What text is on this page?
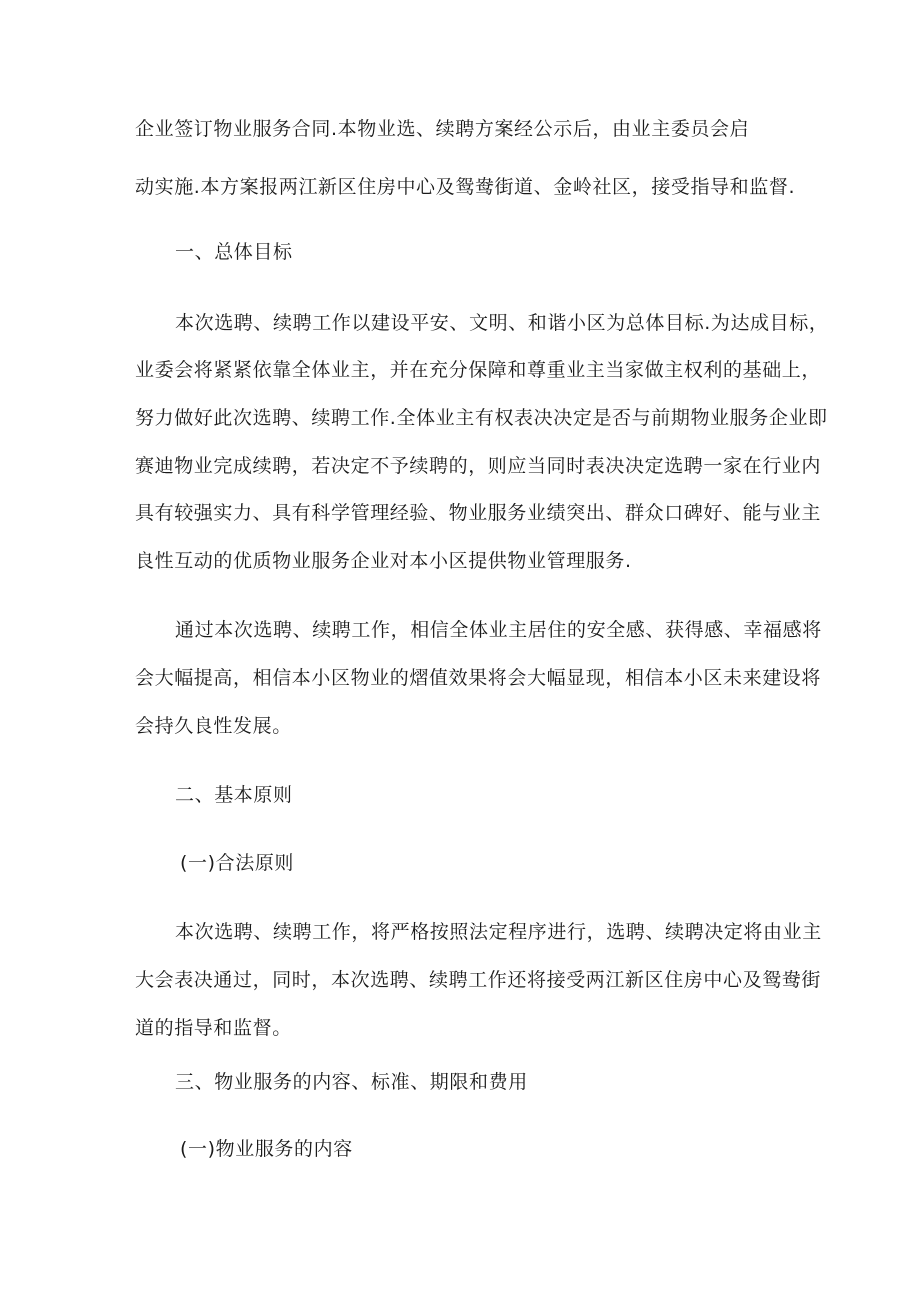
企业签订物业服务合同.本物业选、续聘方案经公示后，由业主委员会启
动实施.本方案报两江新区住房中心及鸳鸯街道、金岭社区，接受指导和监督.
一、总体目标
本次选聘、续聘工作以建设平安、文明、和谐小区为总体目标.为达成目标，
业委会将紧紧依靠全体业主，并在充分保障和尊重业主当家做主权利的基础上，
努力做好此次选聘、续聘工作.全体业主有权表决决定是否与前期物业服务企业即
赛迪物业完成续聘，若决定不予续聘的，则应当同时表决决定选聘一家在行业内
具有较强实力、具有科学管理经验、物业服务业绩突出、群众口碑好、能与业主
良性互动的优质物业服务企业对本小区提供物业管理服务.
通过本次选聘、续聘工作，相信全体业主居住的安全感、获得感、幸福感将
会大幅提高，相信本小区物业的熠值效果将会大幅显现，相信本小区未来建设将
会持久良性发展。
二、基本原则
(一)合法原则
本次选聘、续聘工作，将严格按照法定程序进行，选聘、续聘决定将由业主
大会表决通过，同时，本次选聘、续聘工作还将接受两江新区住房中心及鸳鸯街
道的指导和监督。
三、物业服务的内容、标准、期限和费用
(一)物业服务的内容
